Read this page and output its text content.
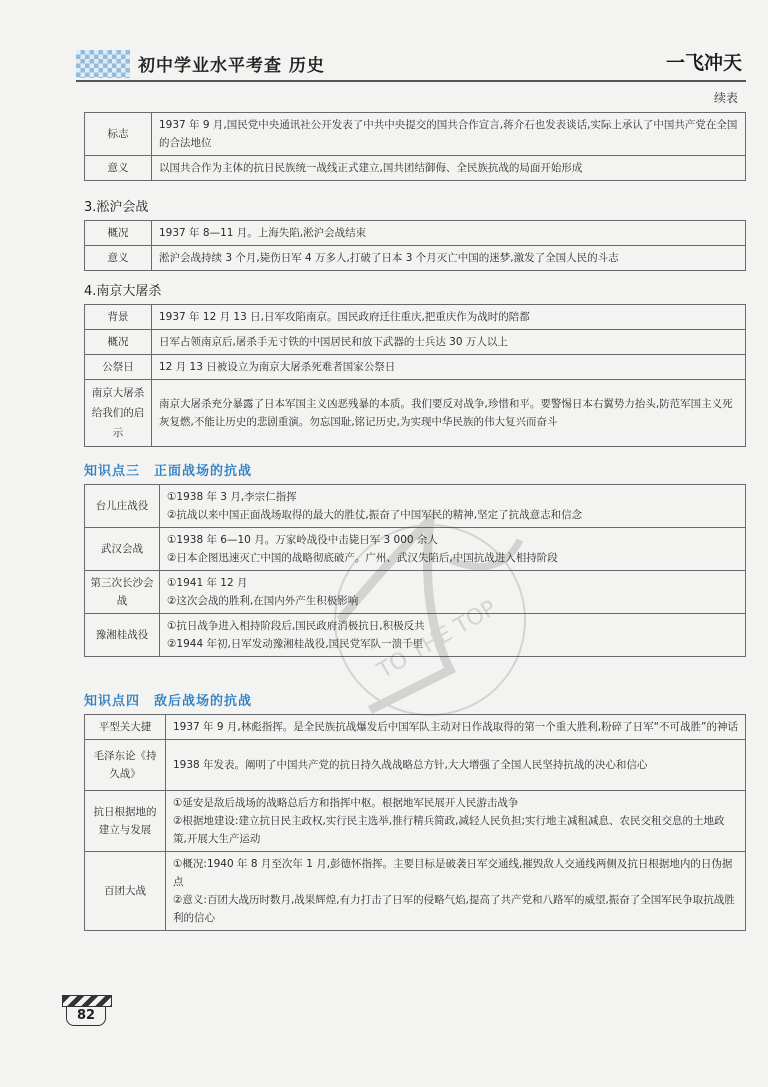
初中学业水平考查 历史	一飞冲天
续表
标志	1937 年 9 月,国民党中央通讯社公开发表了中共中央提交的国共合作宣言,蒋介石也发表谈话,实际上承认了中国共产党在全国的合法地位
意义	以国共合作为主体的抗日民族统一战线正式建立,国共团结御侮、全民族抗战的局面开始形成
3.淞沪会战
概况	1937 年 8—11 月。上海失陷,淞沪会战结束
意义	淞沪会战持续 3 个月,毙伤日军 4 万多人,打破了日本 3 个月灭亡中国的迷梦,激发了全国人民的斗志
4.南京大屠杀
背景	1937 年 12 月 13 日,日军攻陷南京。国民政府迁往重庆,把重庆作为战时的陪都
概况	日军占领南京后,屠杀手无寸铁的中国居民和放下武器的士兵达 30 万人以上
公祭日	12 月 13 日被设立为南京大屠杀死难者国家公祭日
南京大屠杀给我们的启示	南京大屠杀充分暴露了日本军国主义凶恶残暴的本质。我们要反对战争,珍惜和平。要警惕日本右翼势力抬头,防范军国主义死灰复燃,不能让历史的悲剧重演。勿忘国耻,铭记历史,为实现中华民族的伟大复兴而奋斗
知识点三 正面战场的抗战
台儿庄战役	①1938 年 3 月,李宗仁指挥
②抗战以来中国正面战场取得的最大的胜仗,振奋了中国军民的精神,坚定了抗战意志和信念

武汉会战	①1938 年 6—10 月。万家岭战役中击毙日军 3 000 余人
②日本企图迅速灭亡中国的战略彻底破产。广州、武汉失陷后,中国抗战进入相持阶段

第三次长沙会战	①1941 年 12 月
②这次会战的胜利,在国内外产生积极影响

豫湘桂战役	①抗日战争进入相持阶段后,国民政府消极抗日,积极反共
②1944 年初,日军发动豫湘桂战役,国民党军队一溃千里
知识点四 敌后战场的抗战
平型关大捷	1937 年 9 月,林彪指挥。是全民族抗战爆发后中国军队主动对日作战取得的第一个重大胜利,粉碎了日军“不可战胜”的神话

毛泽东论《持久战》	1938 年发表。阐明了中国共产党的抗日持久战战略总方针,大大增强了全国人民坚持抗战的决心和信心

抗日根据地的建立与发展	①延安是敌后战场的战略总后方和指挥中枢。根据地军民展开人民游击战争
②根据地建设:建立抗日民主政权,实行民主选举,推行精兵简政,减轻人民负担;实行地主减租减息、农民交租交息的土地政策,开展大生产运动

百团大战	①概况:1940 年 8 月至次年 1 月,彭德怀指挥。主要目标是破袭日军交通线,摧毁敌人交通线两侧及抗日根据地内的日伪据点
②意义:百团大战历时数月,战果辉煌,有力打击了日军的侵略气焰,提高了共产党和八路军的威望,振奋了全国军民争取抗战胜利的信心
TO THE TOP
82
